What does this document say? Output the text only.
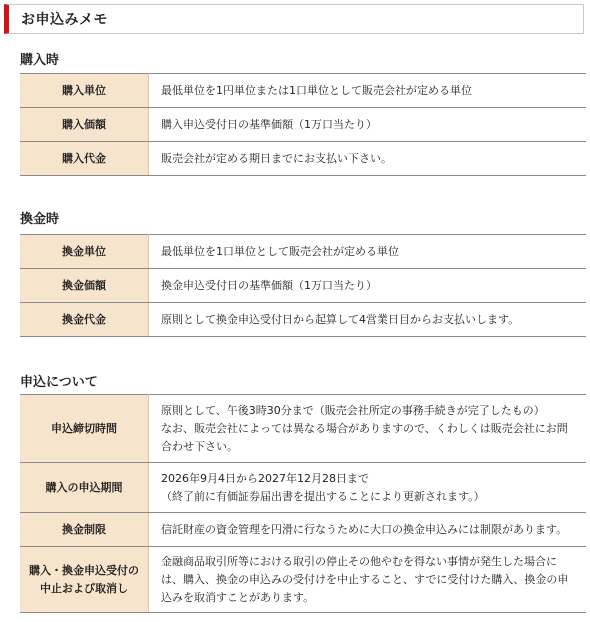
お申込みメモ
購入時
購入単位	最低単位を1円単位または1口単位として販売会社が定める単位

購入価額	購入申込受付日の基準価額（1万口当たり）

購入代金	販売会社が定める期日までにお支払い下さい。
換金時
換金単位	最低単位を1口単位として販売会社が定める単位

換金価額	換金申込受付日の基準価額（1万口当たり）

換金代金	原則として換金申込受付日から起算して4営業日目からお支払いします。
申込について
申込締切時間	原則として、午後3時30分まで（販売会社所定の事務手続きが完了したもの）
なお、販売会社によっては異なる場合がありますので、くわしくは販売会社にお問合わせ下さい。

購入の申込期間	2026年9月4日から2027年12月28日まで
（終了前に有価証券届出書を提出することにより更新されます。）

換金制限	信託財産の資金管理を円滑に行なうために大口の換金申込みには制限があります。

購入・換金申込受付の
中止および取消し	金融商品取引所等における取引の停止その他やむを得ない事情が発生した場合には、購入、換金の申込みの受付けを中止すること、すでに受付けた購入、換金の申込みを取消すことがあります。
